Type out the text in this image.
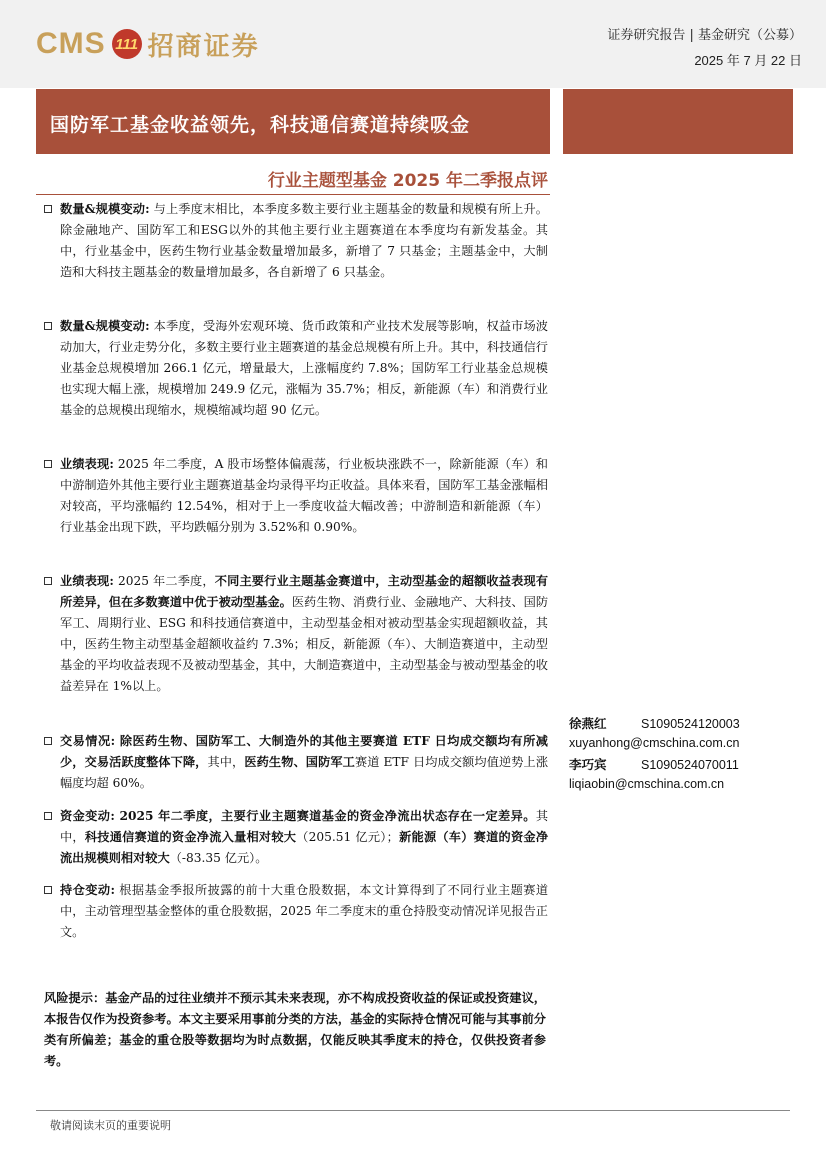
CMS 111 招商证券	证券研究报告 | 基金研究（公募）
2025 年 7 月 22 日
国防军工基金收益领先，科技通信赛道持续吸金
行业主题型基金 2025 年二季报点评
数量&规模变动: 与上季度末相比，本季度多数主要行业主题基金的数量和规模有所上升。除金融地产、国防军工和ESG以外的其他主要行业主题赛道在本季度均有新发基金。其中，行业基金中，医药生物行业基金数量增加最多，新增了 7 只基金；主题基金中，大制造和大科技主题基金的数量增加最多，各自新增了 6 只基金。
数量&规模变动: 本季度，受海外宏观环境、货币政策和产业技术发展等影响，权益市场波动加大，行业走势分化，多数主要行业主题赛道的基金总规模有所上升。其中，科技通信行业基金总规模增加 266.1 亿元，增量最大，上涨幅度约 7.8%；国防军工行业基金总规模也实现大幅上涨，规模增加 249.9 亿元，涨幅为 35.7%；相反，新能源（车）和消费行业基金的总规模出现缩水，规模缩减均超 90 亿元。
业绩表现: 2025 年二季度，A 股市场整体偏震荡，行业板块涨跌不一，除新能源（车）和中游制造外其他主要行业主题赛道基金均录得平均正收益。具体来看，国防军工基金涨幅相对较高，平均涨幅约 12.54%，相对于上一季度收益大幅改善；中游制造和新能源（车）行业基金出现下跌，平均跌幅分别为 3.52%和 0.90%。
业绩表现: 2025 年二季度，不同主要行业主题基金赛道中，主动型基金的超额收益表现有所差异，但在多数赛道中优于被动型基金。医药生物、消费行业、金融地产、大科技、国防军工、周期行业、ESG 和科技通信赛道中，主动型基金相对被动型基金实现超额收益，其中，医药生物主动型基金超额收益约 7.3%；相反，新能源（车）、大制造赛道中，主动型基金的平均收益表现不及被动型基金，其中，大制造赛道中，主动型基金与被动型基金的收益差异在 1%以上。
交易情况: 除医药生物、国防军工、大制造外的其他主要赛道 ETF 日均成交额均有所减少，交易活跃度整体下降，其中，医药生物、国防军工赛道 ETF 日均成交额均值逆势上涨幅度均超 60%。
资金变动: 2025 年二季度，主要行业主题赛道基金的资金净流出状态存在一定差异。其中，科技通信赛道的资金净流入量相对较大（205.51 亿元）；新能源（车）赛道的资金净流出规模则相对较大（-83.35 亿元）。
持仓变动: 根据基金季报所披露的前十大重仓股数据，本文计算得到了不同行业主题赛道中，主动管理型基金整体的重仓股数据，2025 年二季度末的重仓持股变动情况详见报告正文。
徐燕红	S1090524120003
xuyanhong@cmschina.com.cn
李巧宾	S1090524070011
liqiaobin@cmschina.com.cn
风险提示：基金产品的过往业绩并不预示其未来表现，亦不构成投资收益的保证或投资建议，本报告仅作为投资参考。本文主要采用事前分类的方法，基金的实际持仓情况可能与其事前分类有所偏差；基金的重仓股等数据均为时点数据，仅能反映其季度末的持仓，仅供投资者参考。
敬请阅读末页的重要说明
